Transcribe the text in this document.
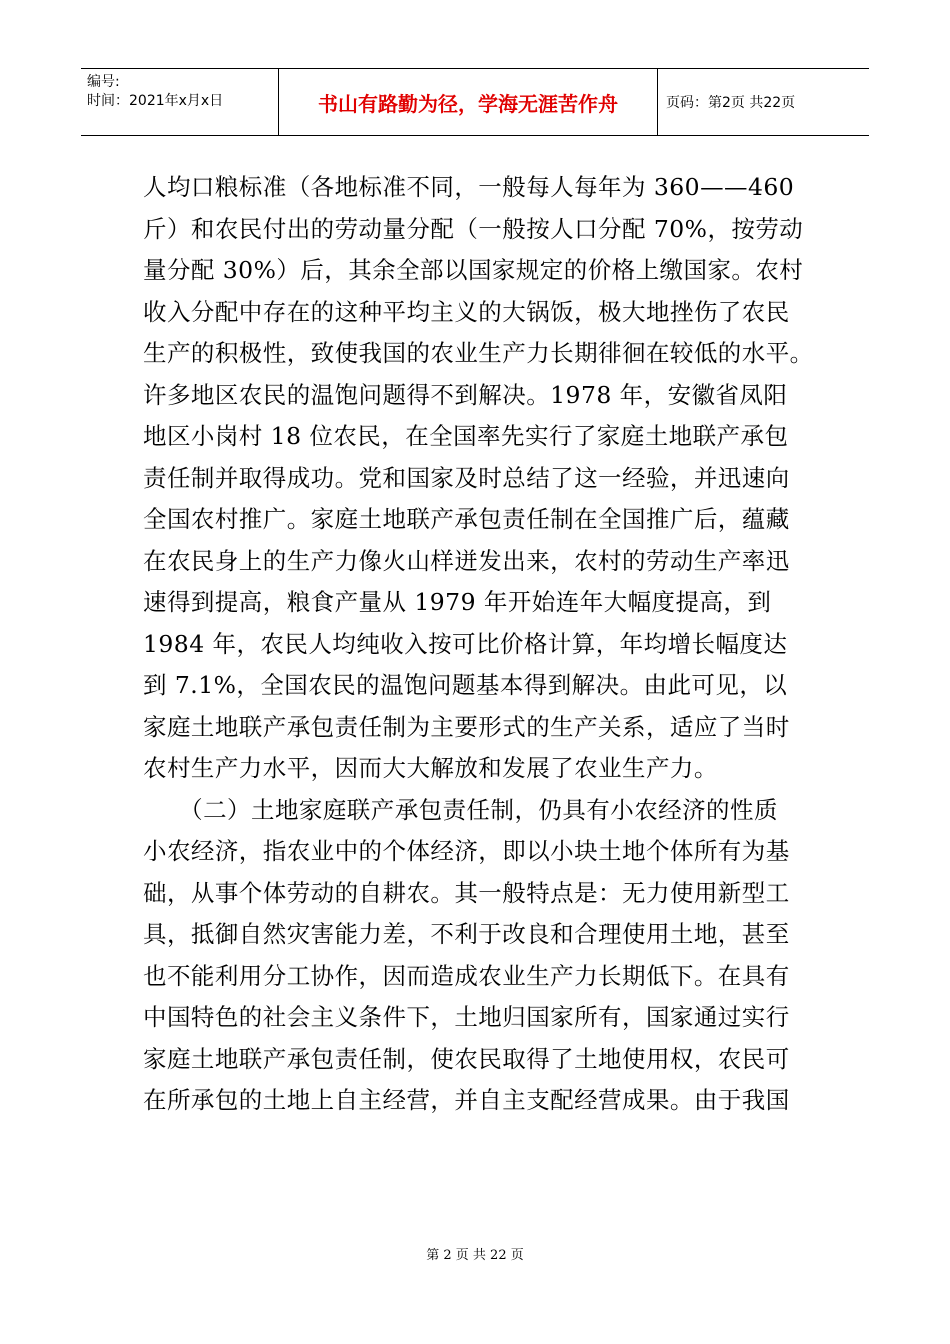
编号:
时间：2021年x月x日	书山有路勤为径，学海无涯苦作舟	页码：第2页 共22页
人均口粮标准（各地标准不同，一般每人每年为 360——460
斤）和农民付出的劳动量分配（一般按人口分配 70%，按劳动
量分配 30%）后，其余全部以国家规定的价格上缴国家。农村
收入分配中存在的这种平均主义的大锅饭，极大地挫伤了农民
生产的积极性，致使我国的农业生产力长期徘徊在较低的水平。
许多地区农民的温饱问题得不到解决。1978 年，安徽省凤阳
地区小岗村 18 位农民，在全国率先实行了家庭土地联产承包
责任制并取得成功。党和国家及时总结了这一经验，并迅速向
全国农村推广。家庭土地联产承包责任制在全国推广后，蕴藏
在农民身上的生产力像火山样迸发出来，农村的劳动生产率迅
速得到提高，粮食产量从 1979 年开始连年大幅度提高，到
1984 年，农民人均纯收入按可比价格计算，年均增长幅度达
到 7.1%，全国农民的温饱问题基本得到解决。由此可见，以
家庭土地联产承包责任制为主要形式的生产关系，适应了当时
农村生产力水平，因而大大解放和发展了农业生产力。
　　（二）土地家庭联产承包责任制，仍具有小农经济的性质
小农经济，指农业中的个体经济，即以小块土地个体所有为基
础，从事个体劳动的自耕农。其一般特点是：无力使用新型工
具，抵御自然灾害能力差，不利于改良和合理使用土地，甚至
也不能利用分工协作，因而造成农业生产力长期低下。在具有
中国特色的社会主义条件下，土地归国家所有，国家通过实行
家庭土地联产承包责任制，使农民取得了土地使用权，农民可
在所承包的土地上自主经营，并自主支配经营成果。由于我国
第 2 页 共 22 页
